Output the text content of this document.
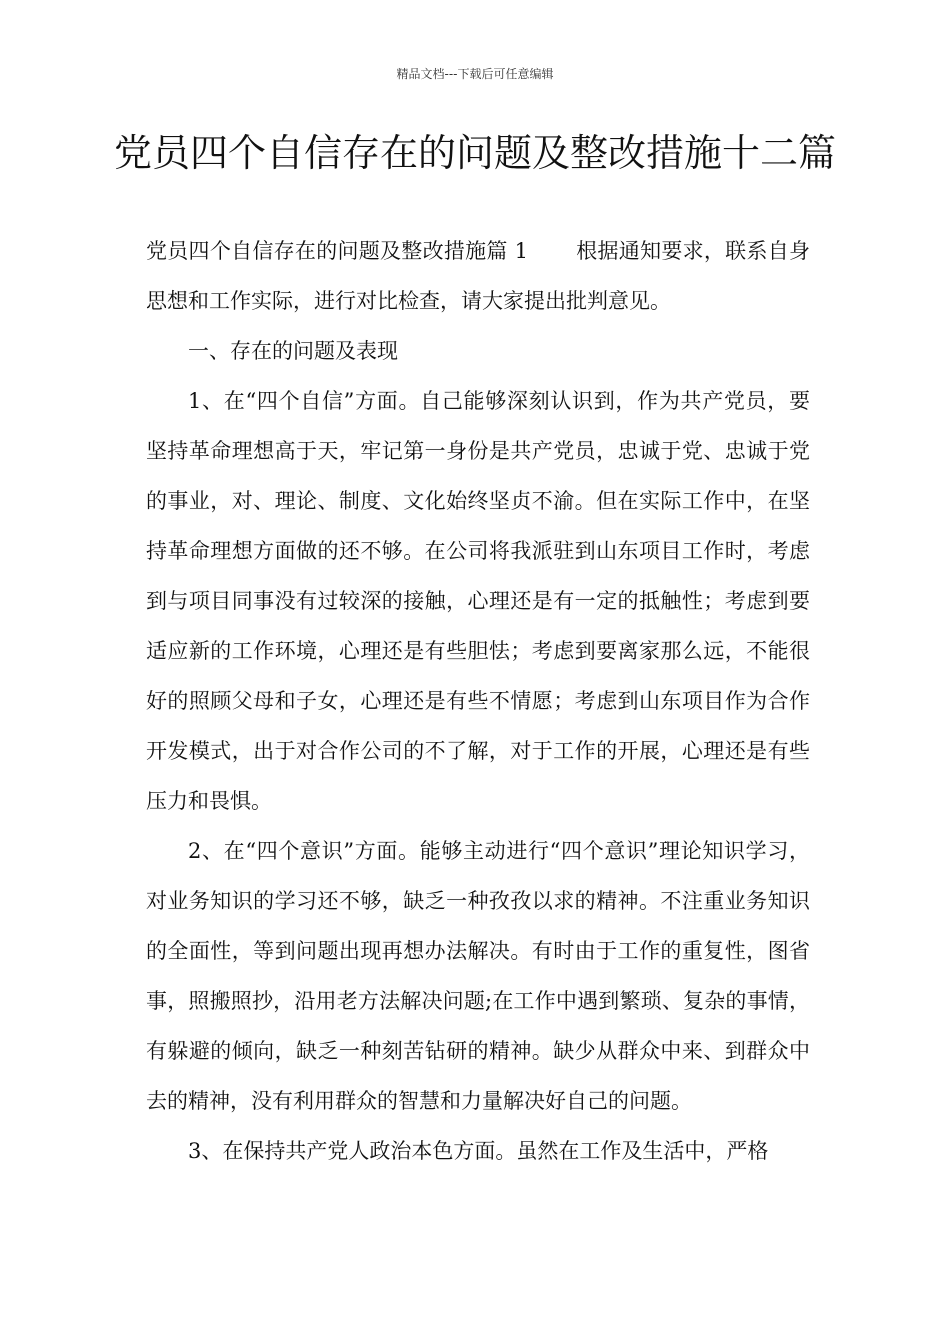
精品文档---下载后可任意编辑
党员四个自信存在的问题及整改措施十二篇

党员四个自信存在的问题及整改措施篇 1 根据通知要求，联系自身思想和工作实际，进行对比检查，请大家提出批判意见。

一、存在的问题及表现

1、在“四个自信”方面。自己能够深刻认识到，作为共产党员，要坚持革命理想高于天，牢记第一身份是共产党员，忠诚于党、忠诚于党的事业，对、理论、制度、文化始终坚贞不渝。但在实际工作中，在坚持革命理想方面做的还不够。在公司将我派驻到山东项目工作时，考虑到与项目同事没有过较深的接触，心理还是有一定的抵触性；考虑到要适应新的工作环境，心理还是有些胆怯；考虑到要离家那么远，不能很好的照顾父母和子女，心理还是有些不情愿；考虑到山东项目作为合作开发模式，出于对合作公司的不了解，对于工作的开展，心理还是有些压力和畏惧。

2、在“四个意识”方面。能够主动进行“四个意识”理论知识学习，对业务知识的学习还不够，缺乏一种孜孜以求的精神。不注重业务知识的全面性，等到问题出现再想办法解决。有时由于工作的重复性，图省事，照搬照抄，沿用老方法解决问题;在工作中遇到繁琐、复杂的事情，有躲避的倾向，缺乏一种刻苦钻研的精神。缺少从群众中来、到群众中去的精神，没有利用群众的智慧和力量解决好自己的问题。

3、在保持共产党人政治本色方面。虽然在工作及生活中，严格
